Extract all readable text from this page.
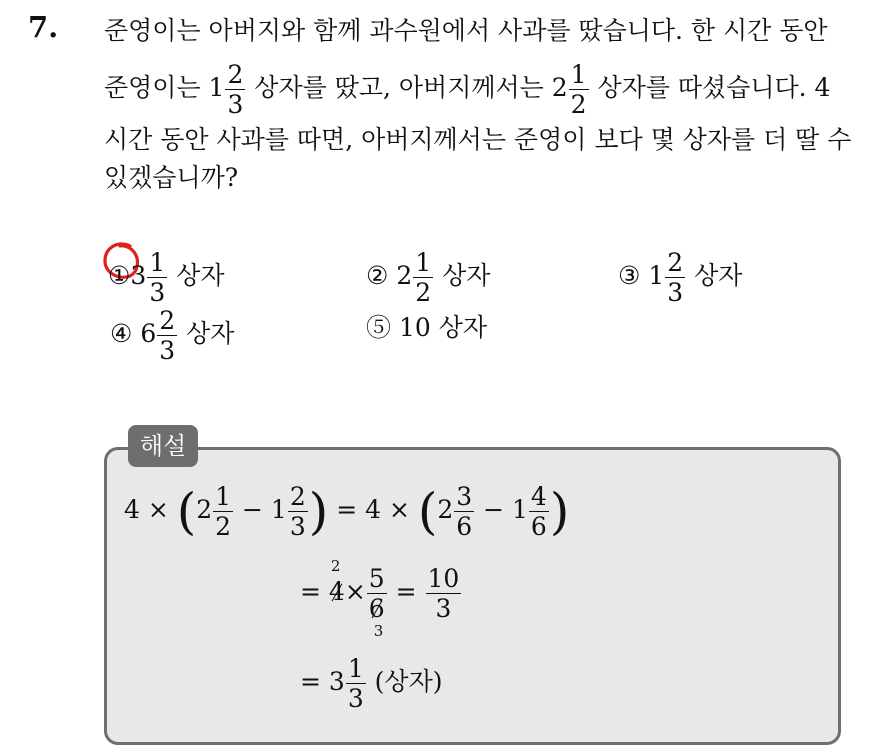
7. 준영이는 아버지와 함께 과수원에서 사과를 땄습니다. 한 시간 동안
준영이는 $1 \frac{2}{3}$ 상자를 땄고, 아버지께서는 $2 \frac{1}{2}$ 상자를 따셨습니다. 4
시간 동안 사과를 따면, 아버지께서는 준영이 보다 몇 상자를 더 딸 수
있겠습니까?
①3 $\frac{1}{3}$ 상자	② $2 \frac{1}{2}$ 상자	③ $1 \frac{2}{3}$ 상자
④ $6 \frac{2}{3}$ 상자	⑤ 10 상자
해설
$4 \times (2 \frac{1}{2} - 1 \frac{2}{3}$ ) = $4 \times (2 \frac{3}{6} - 1 \frac{4}{6}$ )
=
2
4× 5
6
3
= $\frac{10}{3}$
= $3 \frac{1}{3}$ (상자)
